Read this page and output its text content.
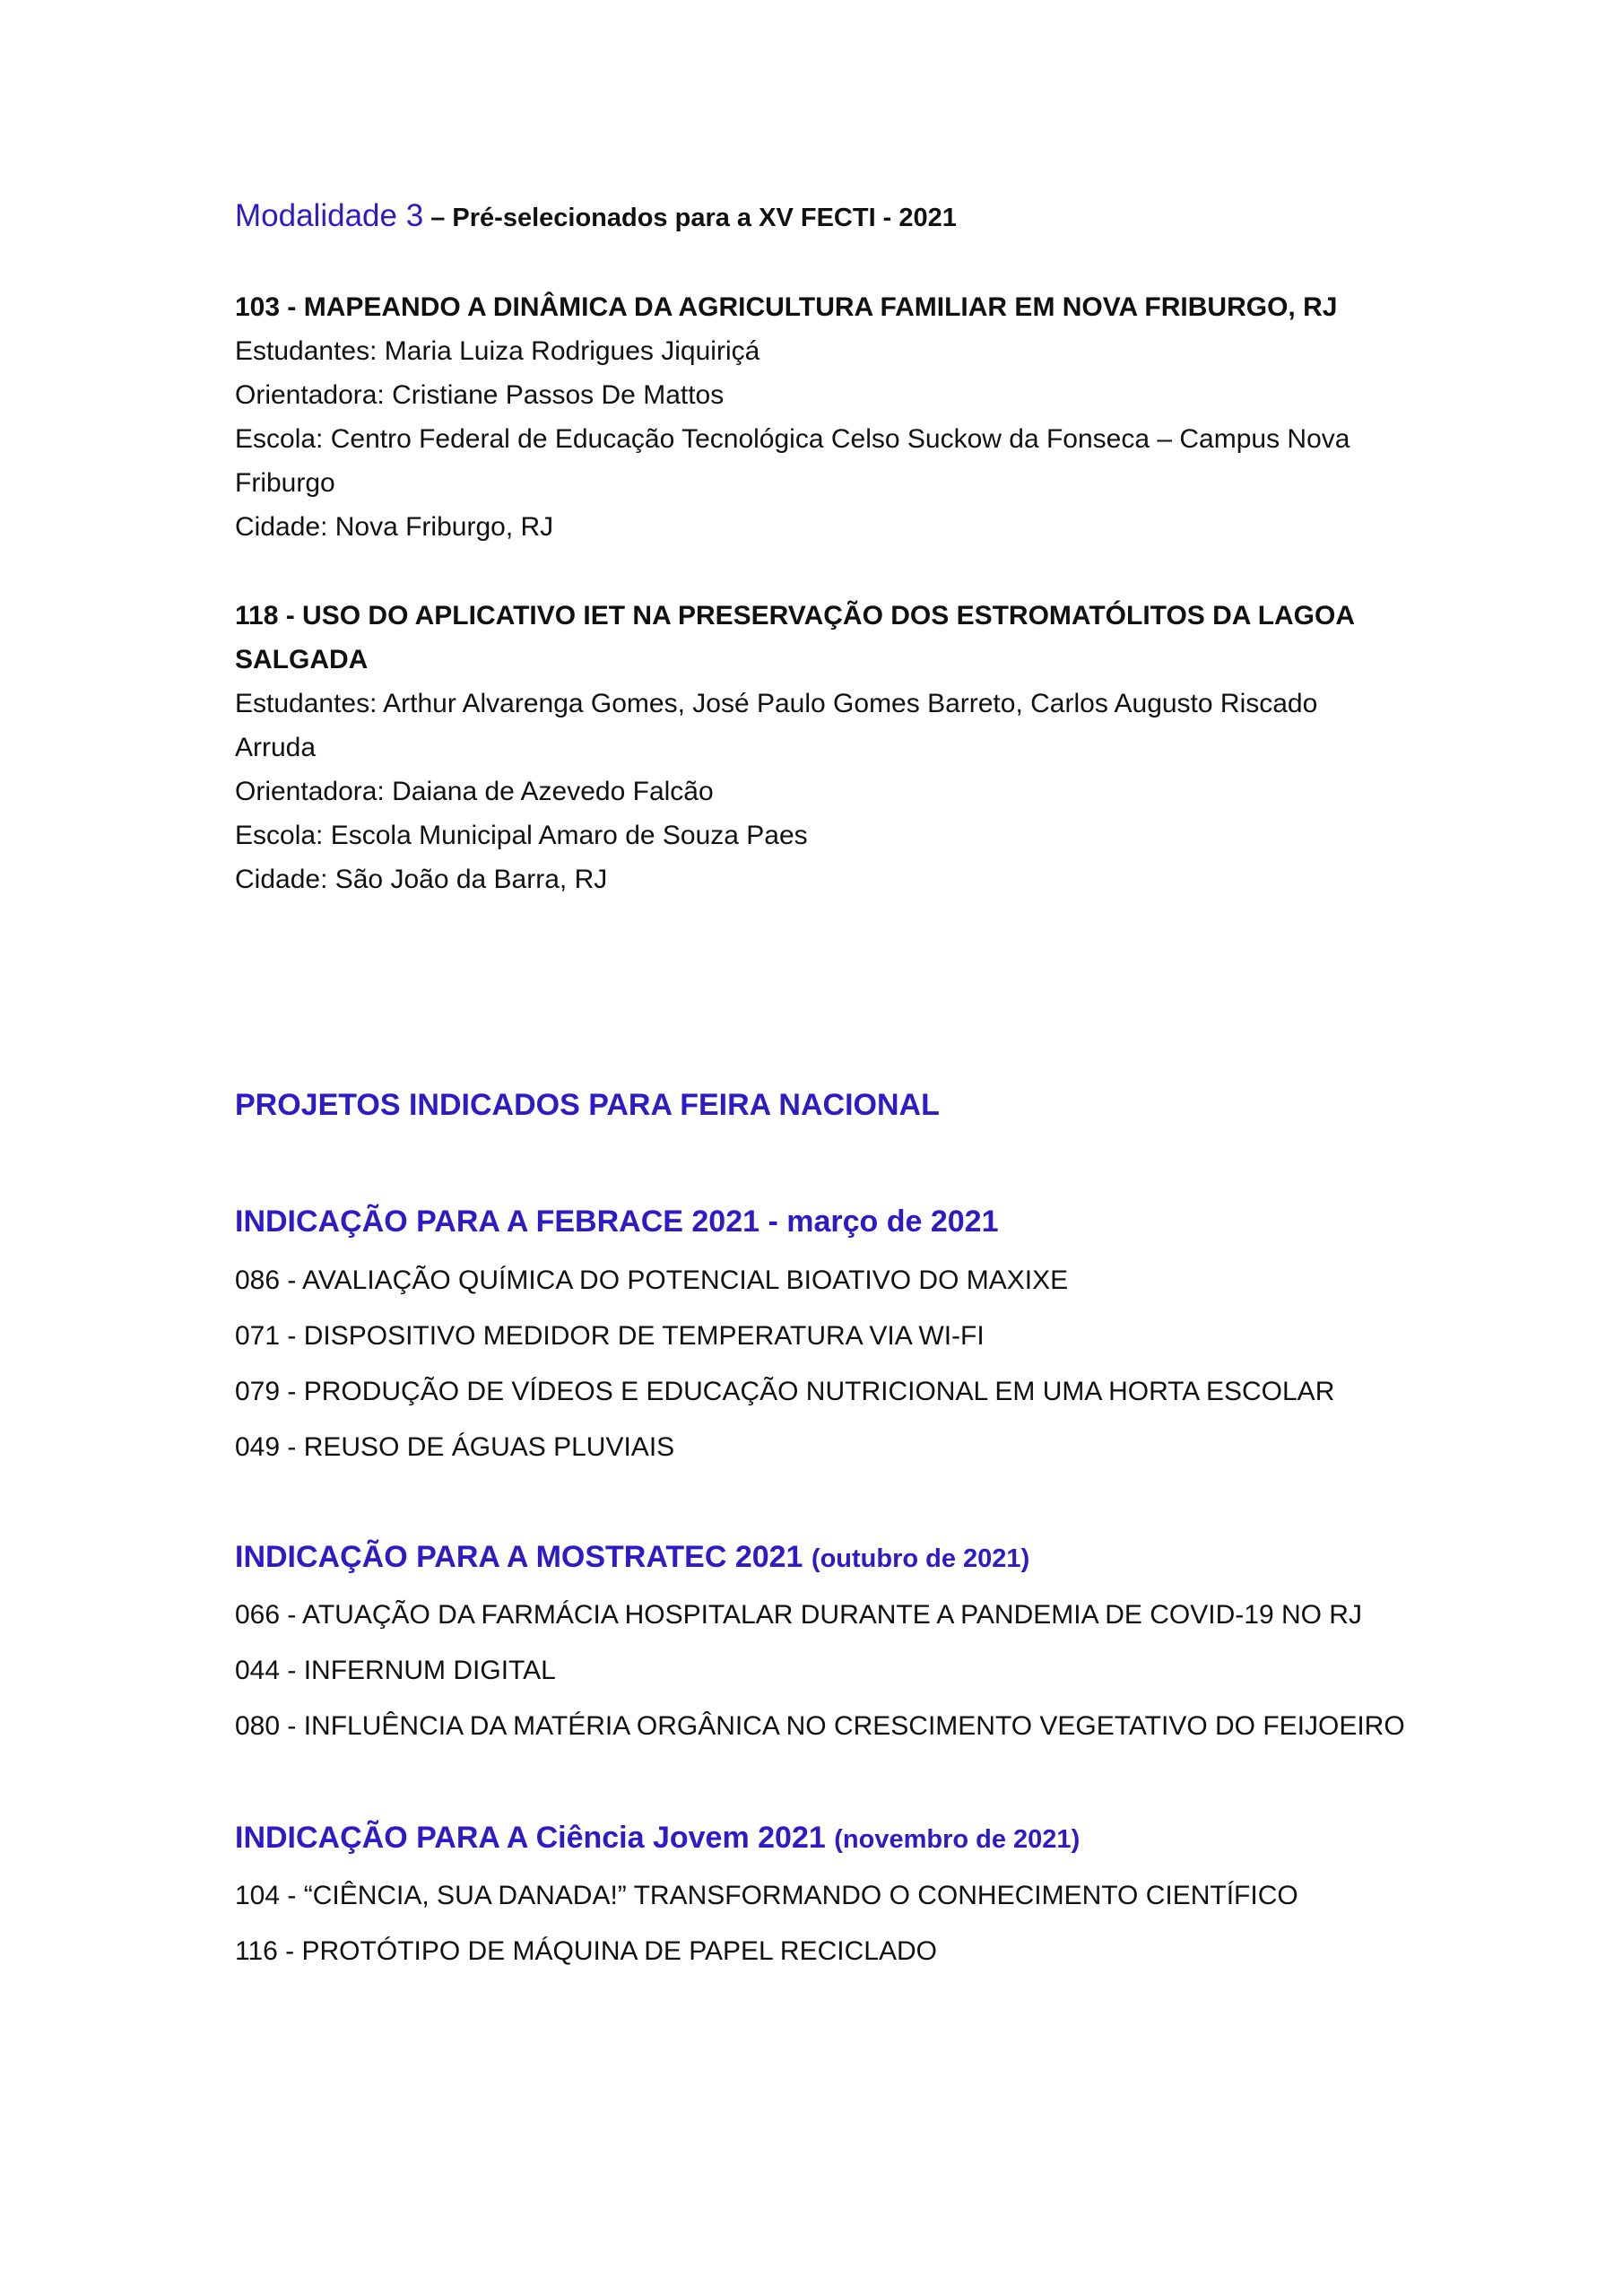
Modalidade 3 – Pré-selecionados para a XV FECTI - 2021
103 - MAPEANDO A DINÂMICA DA AGRICULTURA FAMILIAR EM NOVA FRIBURGO, RJ
Estudantes: Maria Luiza Rodrigues Jiquiriçá
Orientadora: Cristiane Passos De Mattos
Escola: Centro Federal de Educação Tecnológica Celso Suckow da Fonseca – Campus Nova
Friburgo
Cidade: Nova Friburgo, RJ
118 - USO DO APLICATIVO IET NA PRESERVAÇÃO DOS ESTROMATÓLITOS DA LAGOA
SALGADA
Estudantes: Arthur Alvarenga Gomes, José Paulo Gomes Barreto, Carlos Augusto Riscado
Arruda
Orientadora: Daiana de Azevedo Falcão
Escola: Escola Municipal Amaro de Souza Paes
Cidade: São João da Barra, RJ
PROJETOS INDICADOS PARA FEIRA NACIONAL
INDICAÇÃO PARA A FEBRACE 2021 - março de 2021
086 - AVALIAÇÃO QUÍMICA DO POTENCIAL BIOATIVO DO MAXIXE
071 - DISPOSITIVO MEDIDOR DE TEMPERATURA VIA WI-FI
079 - PRODUÇÃO DE VÍDEOS E EDUCAÇÃO NUTRICIONAL EM UMA HORTA ESCOLAR
049 - REUSO DE ÁGUAS PLUVIAIS
INDICAÇÃO PARA A MOSTRATEC 2021 (outubro de 2021)
066 - ATUAÇÃO DA FARMÁCIA HOSPITALAR DURANTE A PANDEMIA DE COVID-19 NO RJ
044 - INFERNUM DIGITAL
080 - INFLUÊNCIA DA MATÉRIA ORGÂNICA NO CRESCIMENTO VEGETATIVO DO FEIJOEIRO
INDICAÇÃO PARA A Ciência Jovem 2021 (novembro de 2021)
104 - “CIÊNCIA, SUA DANADA!” TRANSFORMANDO O CONHECIMENTO CIENTÍFICO
116 - PROTÓTIPO DE MÁQUINA DE PAPEL RECICLADO
